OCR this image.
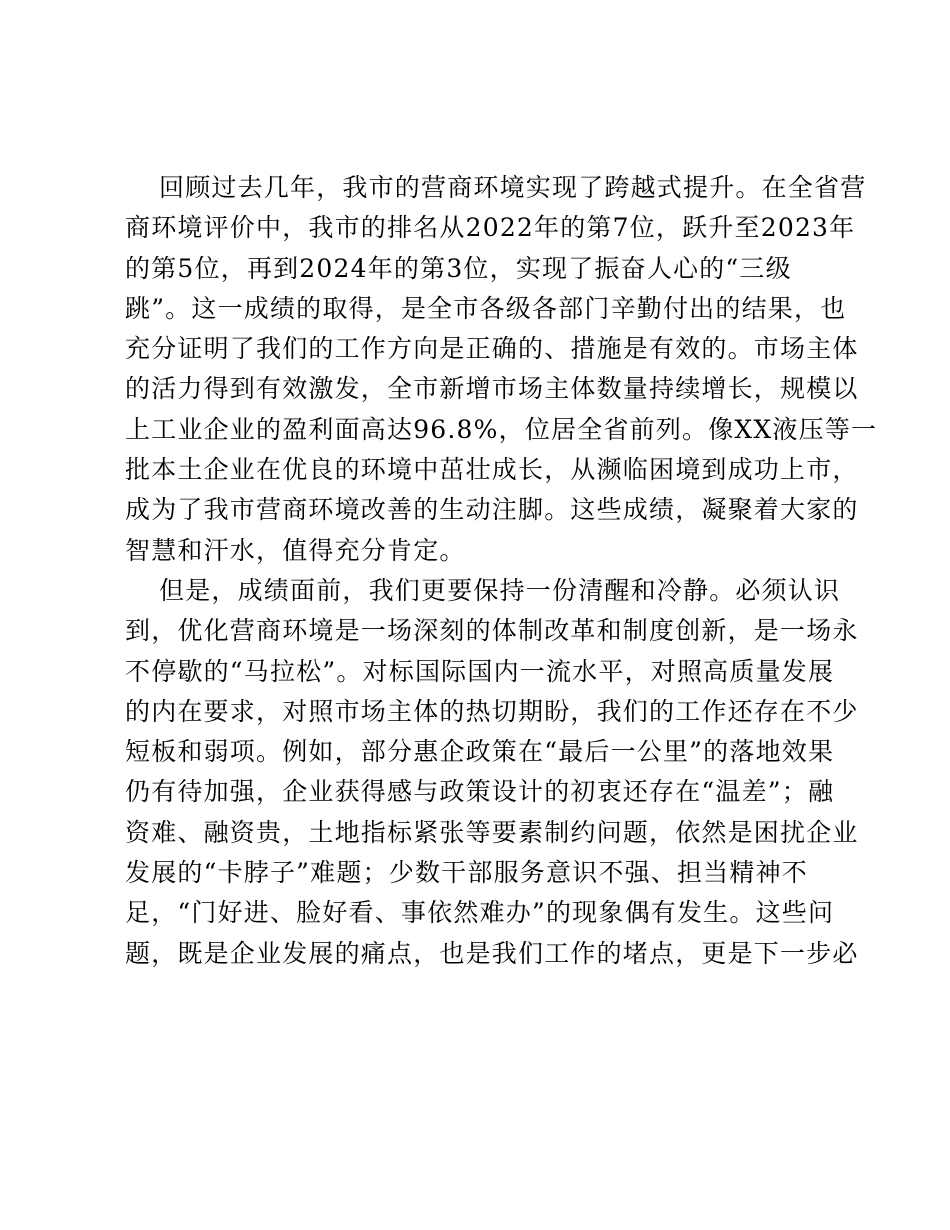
回顾过去几年，我市的营商环境实现了跨越式提升。在全省营
商环境评价中，我市的排名从2022年的第7位，跃升至2023年
的第5位，再到2024年的第3位，实现了振奋人心的“三级
跳”。这一成绩的取得，是全市各级各部门辛勤付出的结果，也
充分证明了我们的工作方向是正确的、措施是有效的。市场主体
的活力得到有效激发，全市新增市场主体数量持续增长，规模以
上工业企业的盈利面高达96.8%，位居全省前列。像XX液压等一
批本土企业在优良的环境中茁壮成长，从濒临困境到成功上市，
成为了我市营商环境改善的生动注脚。这些成绩，凝聚着大家的
智慧和汗水，值得充分肯定。
但是，成绩面前，我们更要保持一份清醒和冷静。必须认识
到，优化营商环境是一场深刻的体制改革和制度创新，是一场永
不停歇的“马拉松”。对标国际国内一流水平，对照高质量发展
的内在要求，对照市场主体的热切期盼，我们的工作还存在不少
短板和弱项。例如，部分惠企政策在“最后一公里”的落地效果
仍有待加强，企业获得感与政策设计的初衷还存在“温差”；融
资难、融资贵，土地指标紧张等要素制约问题，依然是困扰企业
发展的“卡脖子”难题；少数干部服务意识不强、担当精神不
足，“门好进、脸好看、事依然难办”的现象偶有发生。这些问
题，既是企业发展的痛点，也是我们工作的堵点，更是下一步必
